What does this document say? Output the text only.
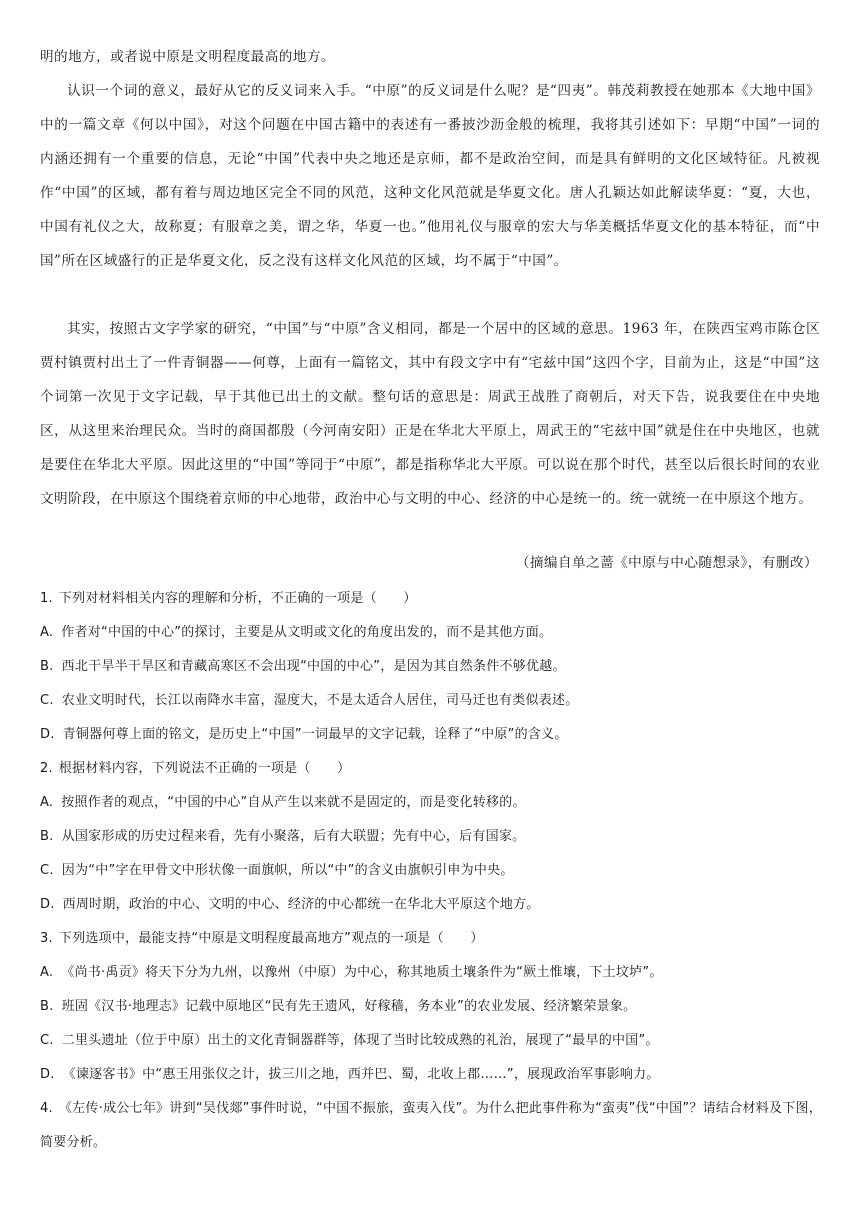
明的地方，或者说中原是文明程度最高的地方。

认识一个词的意义，最好从它的反义词来入手。“中原”的反义词是什么呢？是“四夷”。韩茂莉教授在她那本《大地中国》中的一篇文章《何以中国》，对这个问题在中国古籍中的表述有一番披沙沥金般的梳理，我将其引述如下：早期“中国”一词的内涵还拥有一个重要的信息，无论“中国”代表中央之地还是京师，都不是政治空间，而是具有鲜明的文化区域特征。凡被视作“中国”的区域，都有着与周边地区完全不同的风范，这种文化风范就是华夏文化。唐人孔颖达如此解读华夏：“夏，大也，中国有礼仪之大，故称夏；有服章之美，谓之华，华夏一也。”他用礼仪与服章的宏大与华美概括华夏文化的基本特征，而“中国”所在区域盛行的正是华夏文化，反之没有这样文化风范的区域，均不属于“中国”。

其实，按照古文字学家的研究，“中国”与“中原”含义相同，都是一个居中的区域的意思。1963 年，在陕西宝鸡市陈仓区贾村镇贾村出土了一件青铜器——何尊，上面有一篇铭文，其中有段文字中有“宅兹中国”这四个字，目前为止，这是“中国”这个词第一次见于文字记载，早于其他已出土的文献。整句话的意思是：周武王战胜了商朝后，对天下告，说我要住在中央地区，从这里来治理民众。当时的商国都殷（今河南安阳）正是在华北大平原上，周武王的“宅兹中国”就是住在中央地区，也就是要住在华北大平原。因此这里的“中国”等同于“中原”，都是指称华北大平原。可以说在那个时代，甚至以后很长时间的农业文明阶段，在中原这个围绕着京师的中心地带，政治中心与文明的中心、经济的中心是统一的。统一就统一在中原这个地方。

（摘编自单之蔷《中原与中心随想录》，有删改）

1. 下列对材料相关内容的理解和分析，不正确的一项是（　　）

A. 作者对“中国的中心”的探讨，主要是从文明或文化的角度出发的，而不是其他方面。

B. 西北干旱半干旱区和青藏高寒区不会出现“中国的中心”，是因为其自然条件不够优越。

C. 农业文明时代，长江以南降水丰富，湿度大，不是太适合人居住，司马迁也有类似表述。

D. 青铜器何尊上面的铭文，是历史上“中国”一词最早的文字记载，诠释了“中原”的含义。

2. 根据材料内容，下列说法不正确的一项是（　　）

A. 按照作者的观点，“中国的中心”自从产生以来就不是固定的，而是变化转移的。

B. 从国家形成的历史过程来看，先有小聚落，后有大联盟；先有中心，后有国家。

C. 因为“中”字在甲骨文中形状像一面旗帜，所以“中”的含义由旗帜引申为中央。

D. 西周时期，政治的中心、文明的中心、经济的中心都统一在华北大平原这个地方。

3. 下列选项中，最能支持“中原是文明程度最高地方”观点的一项是（　　）

A. 《尚书·禹贡》将天下分为九州，以豫州（中原）为中心，称其地质土壤条件为“厥土惟壤，下土坟垆”。

B. 班固《汉书·地理志》记载中原地区“民有先王遗风，好稼穑，务本业”的农业发展、经济繁荣景象。

C. 二里头遗址（位于中原）出土的文化青铜器群等，体现了当时比较成熟的礼治，展现了“最早的中国”。

D. 《谏逐客书》中“惠王用张仪之计，拔三川之地，西并巴、蜀，北收上郡……”，展现政治军事影响力。

4. 《左传·成公七年》讲到“吴伐郯”事件时说，“中国不振旅，蛮夷入伐”。为什么把此事件称为“蛮夷”伐“中国”？请结合材料及下图，简要分析。
